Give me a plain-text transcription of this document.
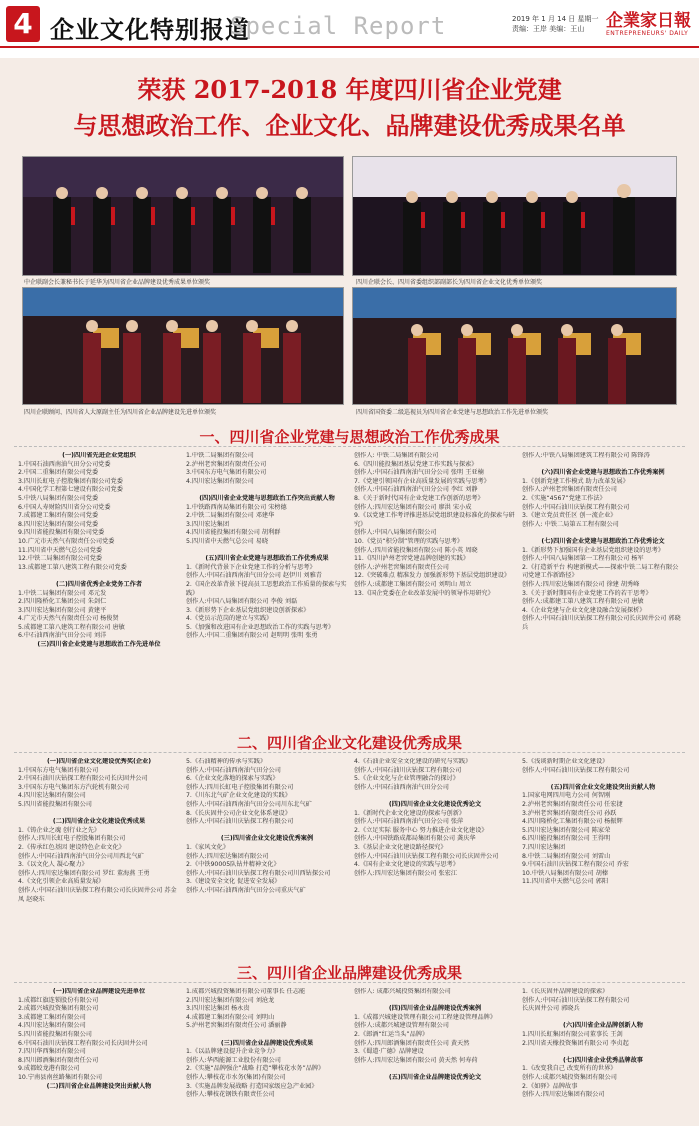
4 企业文化特别报道
Special Report	2019 年 1 月 14 日 星期一
责编：王岸 美编：王山	企業家日報
ENTREPRENEURS' DAILY
荣获 2017-2018 年度四川省企业党建
与思想政治工作、企业文化、品牌建设优秀成果名单
中企联副会长兼秘书长于延华为四川省企业品牌建设优秀成果单位颁奖	四川企联会长、四川省委组织部副部长为四川省企业文化优秀单位颁奖
四川企联顾问、四川省人大原副主任为四川省企业品牌建设先进单位颁奖	四川省国资委二级巡视员为四川省企业党建与思想政治工作先进单位颁奖
一、四川省企业党建与思想政治工作优秀成果
(一)四川省先进企业党组织
1.中国石油西南油气田分公司党委
2.中国二重集团有限公司党委
3.四川长虹电子控股集团有限公司党委
4.中国化学工程第七建设有限公司党委
5.中铁八局集团有限公司党委
6.中国人寿财险四川省分公司党委
7.成都建工集团有限公司党委
8.四川宏达集团有限公司党委
9.四川省能投集团有限公司党委
10.广元市天然气有限责任公司党委
11.四川省中天燃气总公司党委
12.中铁二局集团有限公司党委
13.成都建工第八建筑工程有限公司党委

(二)四川省优秀企业党务工作者
1.中铁二局集团有限公司 邓元发
2.四川隆桥化工集团公司 朱剑仁
3.四川宏达集团有限公司 黄建平
4.广元市天然气有限责任公司 杨俊贤
5.成都建工第八建筑工程有限公司 唐敏
6.中石油西南油气田分公司 刘洋
(三)四川省企业党建与思想政治工作先进单位
1.中铁二局集团有限公司
2.泸州老窖集团有限责任公司
3.中国东方电气集团有限公司
4.四川宏达集团有限公司

(四)四川省企业党建与思想政治工作突出贡献人物
1.中铁路西南局集团有限公司 宋榜德
2.中铁二局集团有限公司 邓建华
3.四川宏达集团
4.四川省能投集团有限公司 胡利群
5.四川省中天燃气总公司 易晓

(五)四川省企业党建与思想政治工作优秀成果
1.《新时代背景下企业党建工作的分析与思考》
创作人:中国石油西南油气田分公司 赵伊川 刘雅青
2.《国企改革背景下提高员工思想政治工作质量的探索与实践》
创作人:中国八局集团有限公司 李俊 刘磊
3.《新形势下企业基层党组织建设创新探索》
4.《党员示范岗的建立与实践》
5.《加强和改进国有企业思想政治工作的实践与思考》
创作人:中国二重集团有限公司 赵明明 张明 张勇
创作人: 中铁二局集团有限公司
6.《四川能投集团基层党建工作实践与探索》
创作人:中国石油西南油气田分公司 张明 王亚楠
7.《党建引领国有企业高质量发展的实践与思考》
创作人:中国石油西南油气田分公司 李红 刘静
8.《关于新时代国有企业党建工作创新的思考》
创作人:四川宏达集团有限公司 廖洪 宋小成
9.《以党建工作考评推进基层党组织建设标准化的探索与研究》
创作人:中国八局集团有限公司
10.《党员“积分制”管理的实践与思考》
创作人:四川省能投集团有限公司 陈小英 周晓
11.《四川泸州老窖党建品牌创建的实践》
创作人:泸州老窖集团有限责任公司
12.《突破难点 精准发力 加强新形势下基层党组织建设》
创作人:成都建工集团有限公司 刘明山 周立
13.《国企党委在企业改革发展中的领导作用研究》
创作人:中铁八局集团建筑工程有限公司 陈锋涛

(六)四川省企业党建与思想政治工作优秀案例
1.《创新党建工作模式 助力改革发展》
创作人:泸州老窖集团有限责任公司
2.《实施“4567”党建工作法》
创作人:中国石油川庆钻探工程有限公司
3.《建立党员责任区 创一流企业》
创作人: 中铁二局第五工程有限公司

(七)四川省企业党建与思想政治工作优秀论文
1.《新形势下加强国有企业基层党组织建设的思考》
创作人:中国八局集团第一工程有限公司 杨军
2.《打造新平台 构建新模式——探索中铁二局工程有限公司党建工作新路径》
创作人:四川宏达集团有限公司 徐建 胡秀峰
3.《关于新时期国有企业党建工作的若干思考》
创作人:成都建工第八建筑工程有限公司 唐敏
4.《企业党建与企业文化建设融合发展探析》
创作人:中国石油川庆钻探工程有限公司长庆固井公司 郭晓兵
二、四川省企业文化建设优秀成果
(一)四川省企业文化建设优秀奖(企业)
1.中国东方电气集团有限公司
2.中国石油川庆钻探工程有限公司长庆固井公司
3.中国东方电气集团东方汽轮机有限公司
4.四川宏达集团有限公司
5.四川省能投集团有限公司

(二)四川省企业文化建设优秀成果
1.《铸企业之魂 创行业之先》
创作人:四川长虹电子控股集团有限公司
2.《传承红色基因 建设特色企业文化》
创作人:中国石油西南油气田分公司川西北气矿
3.《以文化人 凝心聚力》
创作人:四川宏达集团有限公司 罗红 董海燕 王勇
4.《文化引领企业高质量发展》
创作人:中国石油川庆钻探工程有限公司长庆固井公司 苏金凤 赵晓东
5.《石油精神的传承与实践》
创作人:中国石油西南油气田分公司
6.《企业文化落地的探索与实践》
创作人:四川长虹电子控股集团有限公司
7.《川东北气矿企业文化建设的实践》
创作人:中国石油西南油气田分公司川东北气矿
8.《长庆固井公司企业文化体系建设》
创作人:中国石油川庆钻探工程有限公司

(三)四川省企业文化建设优秀案例
1.《家风文化》
创作人:四川宏达集团有限公司
2.《中铁90005队钻井精神文化》
创作人:中国石油川庆钻探工程有限公司川西钻探公司
3.《建设安全文化 促进安全发展》
创作人:中国石油西南油气田分公司重庆气矿
4.《石油企业安全文化建设的研究与实践》
创作人:中国石油川庆钻探工程有限公司
5.《企业文化与企业管理融合的探讨》
创作人:中国石油西南油气田分公司

(四)四川省企业文化建设优秀论文
1.《新时代企业文化建设的探索与创新》
创作人:中国石油西南油气田分公司 张萍
2.《立足实际 服务中心 努力推进企业文化建设》
创作人:中国铁路成都局集团有限公司 龚庆华
3.《基层企业文化建设路径探究》
创作人:中国石油川庆钻探工程有限公司长庆固井公司
4.《国有企业文化建设的实践与思考》
创作人:四川宏达集团有限公司 张宏江
5.《浅谈新时期企业文化建设》
创作人:中国石油川庆钻探工程有限公司

(五)四川省企业文化建设突出贡献人物
1.国家电网四川电力公司 何智刚
2.泸州老窖集团有限责任公司 任宏捷
3.泸州老窖集团有限责任公司 孙跃
4.四川隆桥化工集团有限公司 杨振辉
5.四川宏达集团有限公司 陈家荣
6.四川能投集团有限公司 王得明
7.四川宏达集团
8.中铁二局集团有限公司 刘雷山
9.中国石油川庆钻探工程有限公司 乔宏
10.中铁八局集团有限公司 胡榛
11.四川省中天燃气总公司 郭阳
三、四川省企业品牌建设优秀成果
(一)四川省企业品牌建设先进单位
1.成都红旗连锁股份有限公司
2.成都兴城投资集团有限公司
3.成都建工集团有限公司
4.四川宏达集团有限公司
5.四川省能投集团有限公司
6.中国石油川庆钻探工程有限公司长庆固井公司
7.四川华西集团有限公司
8.四川郎酒集团有限责任公司
9.成都蛟龙港有限公司
10.宁南县南丝路集团有限公司
(二)四川省企业品牌建设突出贡献人物
1.成都兴城投资集团有限公司董事长 任志能
2.四川宏达集团有限公司 刘沧龙
3.四川宏达集团 杨永贵
4.成都建工集团有限公司 刘明山
5.泸州老窖集团有限责任公司 潘丽静

(三)四川省企业品牌建设优秀成果
1.《以品牌建设提升企业竞争力》
创作人:华西能源工业股份有限公司
2.《实施“品牌强企”战略 打造“攀枝花水务”品牌》
创作人:攀枝花市水务(集团)有限公司
3.《实施品牌发展战略 打造国家级应急产业园》
创作人:攀枝花钢铁有限责任公司
创作人: 成都兴城投资集团有限公司

(四)四川省企业品牌建设优秀案例
1.《成都兴城建设管理有限公司工程建设管理品牌》
创作人:成都兴城建设管理有限公司
2.《郎酒“红运当头”品牌》
创作人:四川郎酒集团有限责任公司 黄天然
3.《蜀道·广德》品牌建设
创作人:四川宏达集团有限公司 黄天然 何寿荷

(五)四川省企业品牌建设优秀论文
1.《长庆固井品牌建设的探索》
创作人:中国石油川庆钻探工程有限公司
长庆固井公司 郭晓兵

(六)四川省企业品牌创新人物
1.四川长虹集团有限公司董事长 王剑
2.四川省天橡投资集团有限公司 李贞起

(七)四川省企业优秀品牌故事
1.《改变我自己 改变所有的世界》
创作人:成都兴城投资集团有限公司
2.《如驿》品牌故事
创作人:四川宏达集团有限公司
